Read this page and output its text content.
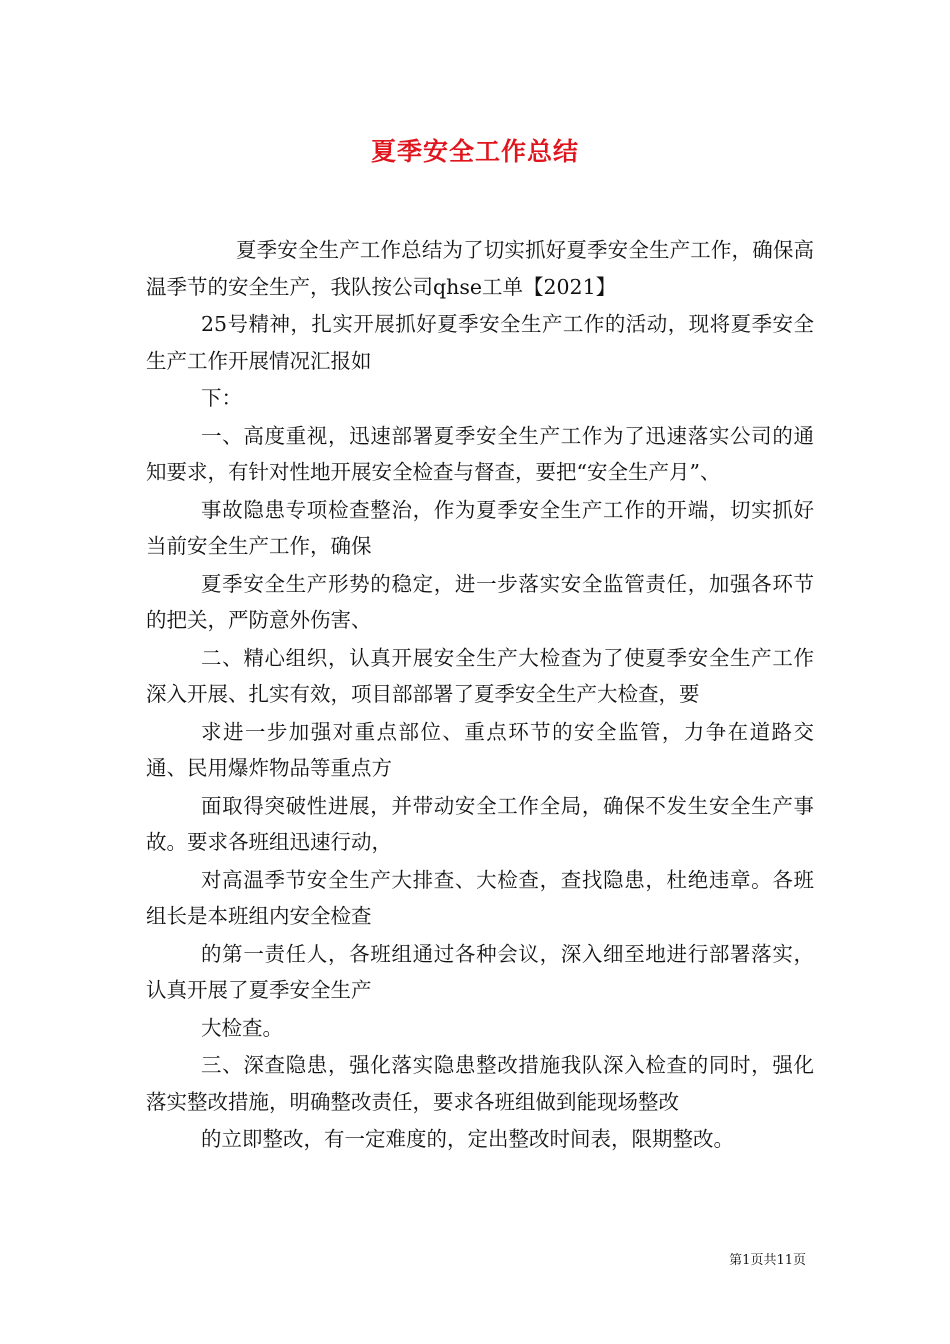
夏季安全工作总结

夏季安全生产工作总结为了切实抓好夏季安全生产工作，确保高温季节的安全生产，我队按公司qhse工单【2021】

25号精神，扎实开展抓好夏季安全生产工作的活动，现将夏季安全生产工作开展情况汇报如

下：

一、高度重视，迅速部署夏季安全生产工作为了迅速落实公司的通知要求，有针对性地开展安全检查与督查，要把“安全生产月”、

事故隐患专项检查整治，作为夏季安全生产工作的开端，切实抓好当前安全生产工作，确保

夏季安全生产形势的稳定，进一步落实安全监管责任，加强各环节的把关，严防意外伤害、

二、精心组织，认真开展安全生产大检查为了使夏季安全生产工作深入开展、扎实有效，项目部部署了夏季安全生产大检查，要

求进一步加强对重点部位、重点环节的安全监管，力争在道路交通、民用爆炸物品等重点方

面取得突破性进展，并带动安全工作全局，确保不发生安全生产事故。要求各班组迅速行动，

对高温季节安全生产大排查、大检查，查找隐患，杜绝违章。各班组长是本班组内安全检查

的第一责任人，各班组通过各种会议，深入细至地进行部署落实，认真开展了夏季安全生产

大检查。

三、深查隐患，强化落实隐患整改措施我队深入检查的同时，强化落实整改措施，明确整改责任，要求各班组做到能现场整改

的立即整改，有一定难度的，定出整改时间表，限期整改。

第1页共11页
